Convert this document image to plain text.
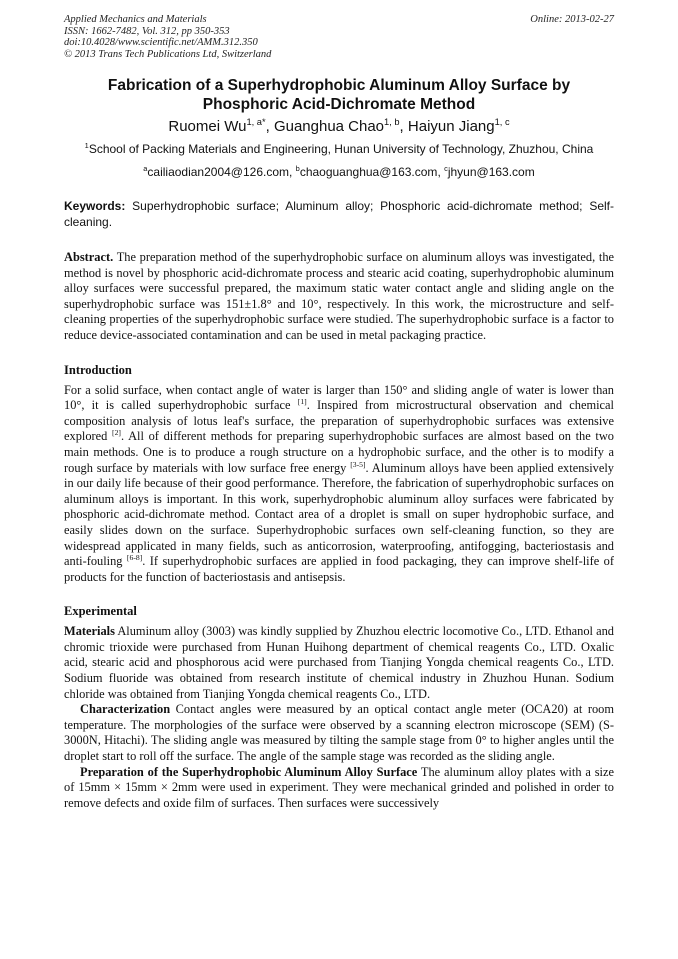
Applied Mechanics and Materials
ISSN: 1662-7482, Vol. 312, pp 350-353
doi:10.4028/www.scientific.net/AMM.312.350
© 2013 Trans Tech Publications Ltd, Switzerland
Online: 2013-02-27
Fabrication of a Superhydrophobic Aluminum Alloy Surface by Phosphoric Acid-Dichromate Method
Ruomei $Wu^{1, a*}$, Guanghua Chao$^{1, b}$, Haiyun Jiang$^{1, c}$
$^1$School of Packing Materials and Engineering, Hunan University of Technology, Zhuzhou, China
$^a$cailiaodian2004@126.com, $^b$chaoguanghua@163.com, $^c$jhyun@163.com
Keywords: Superhydrophobic surface; Aluminum alloy; Phosphoric acid-dichromate method; Self-cleaning.

Abstract. The preparation method of the superhydrophobic surface on aluminum alloys was investigated, the method is novel by phosphoric acid-dichromate process and stearic acid coating, superhydrophobic aluminum alloy surfaces were successful prepared, the maximum static water contact angle and sliding angle on the superhydrophobic surface was 151±1.8° and 10°, respectively. In this work, the microstructure and self-cleaning properties of the superhydrophobic surface were studied. The superhydrophobic surface is a factor to reduce device-associated contamination and can be used in metal packaging practice.

Introduction

For a solid surface, when contact angle of water is larger than 150° and sliding angle of water is lower than 10°, it is called superhydrophobic surface [1]. Inspired from microstructural observation and chemical composition analysis of lotus leaf's surface, the preparation of superhydrophobic surfaces was extensive explored [2]. All of different methods for preparing superhydrophobic surfaces are almost based on the two main methods. One is to produce a rough structure on a hydrophobic surface, and the other is to modify a rough surface by materials with low surface free energy [3-5]. Aluminum alloys have been applied extensively in our daily life because of their good performance. Therefore, the fabrication of superhydrophobic surfaces on aluminum alloys is important. In this work, superhydrophobic aluminum alloy surfaces were fabricated by phosphoric acid-dichromate method. Contact area of a droplet is small on super hydrophobic surface, and easily slides down on the surface. Superhydrophobic surfaces own self-cleaning function, so they are widespread applicated in many fields, such as anticorrosion, waterproofing, antifogging, bacteriostasis and anti-fouling [6-8]. If superhydrophobic surfaces are applied in food packaging, they can improve shelf-life of products for the function of bacteriostasis and antisepsis.

Experimental

Materials Aluminum alloy (3003) was kindly supplied by Zhuzhou electric locomotive Co., LTD. Ethanol and chromic trioxide were purchased from Hunan Huihong department of chemical reagents Co., LTD. Oxalic acid, stearic acid and phosphorous acid were purchased from Tianjing Yongda chemical reagents Co., LTD. Sodium fluoride was obtained from research institute of chemical industry in Zhuzhou Hunan. Sodium chloride was obtained from Tianjing Yongda chemical reagents Co., LTD.

Characterization Contact angles were measured by an optical contact angle meter (OCA20) at room temperature. The morphologies of the surface were observed by a scanning electron microscope (SEM) (S-3000N, Hitachi). The sliding angle was measured by tilting the sample stage from 0° to higher angles until the droplet start to roll off the surface. The angle of the sample stage was recorded as the sliding angle.

Preparation of the Superhydrophobic Aluminum Alloy Surface The aluminum alloy plates with a size of 15mm × 15mm × 2mm were used in experiment. They were mechanical grinded and polished in order to remove defects and oxide film of surfaces. Then surfaces were successively
